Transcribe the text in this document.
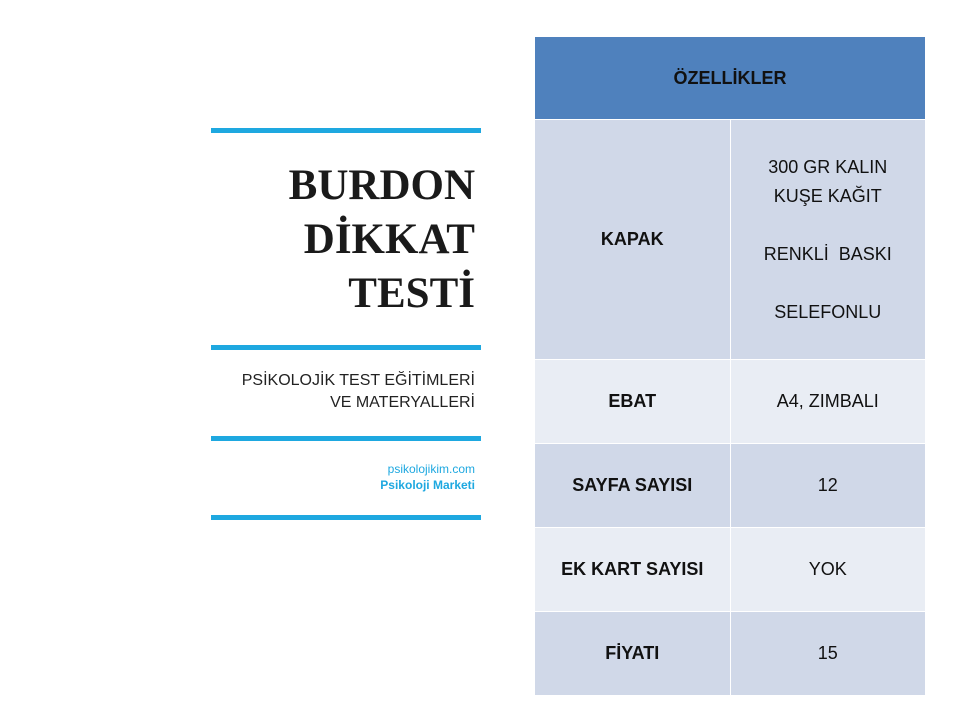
BURDON
DİKKAT
TESTİ
PSİKOLOJİK TEST EĞİTİMLERİ
VE MATERYALLERİ
psikolojikim.com
Psikoloji Marketi
ÖZELLİKLER	
KAPAK	300 GR KALIN
KUŞE KAĞIT
RENKLİ  BASKI
SELEFONLU

EBAT	A4, ZIMBALI
SAYFA SAYISI	12
EK KART SAYISI	YOK
FİYATI	15
